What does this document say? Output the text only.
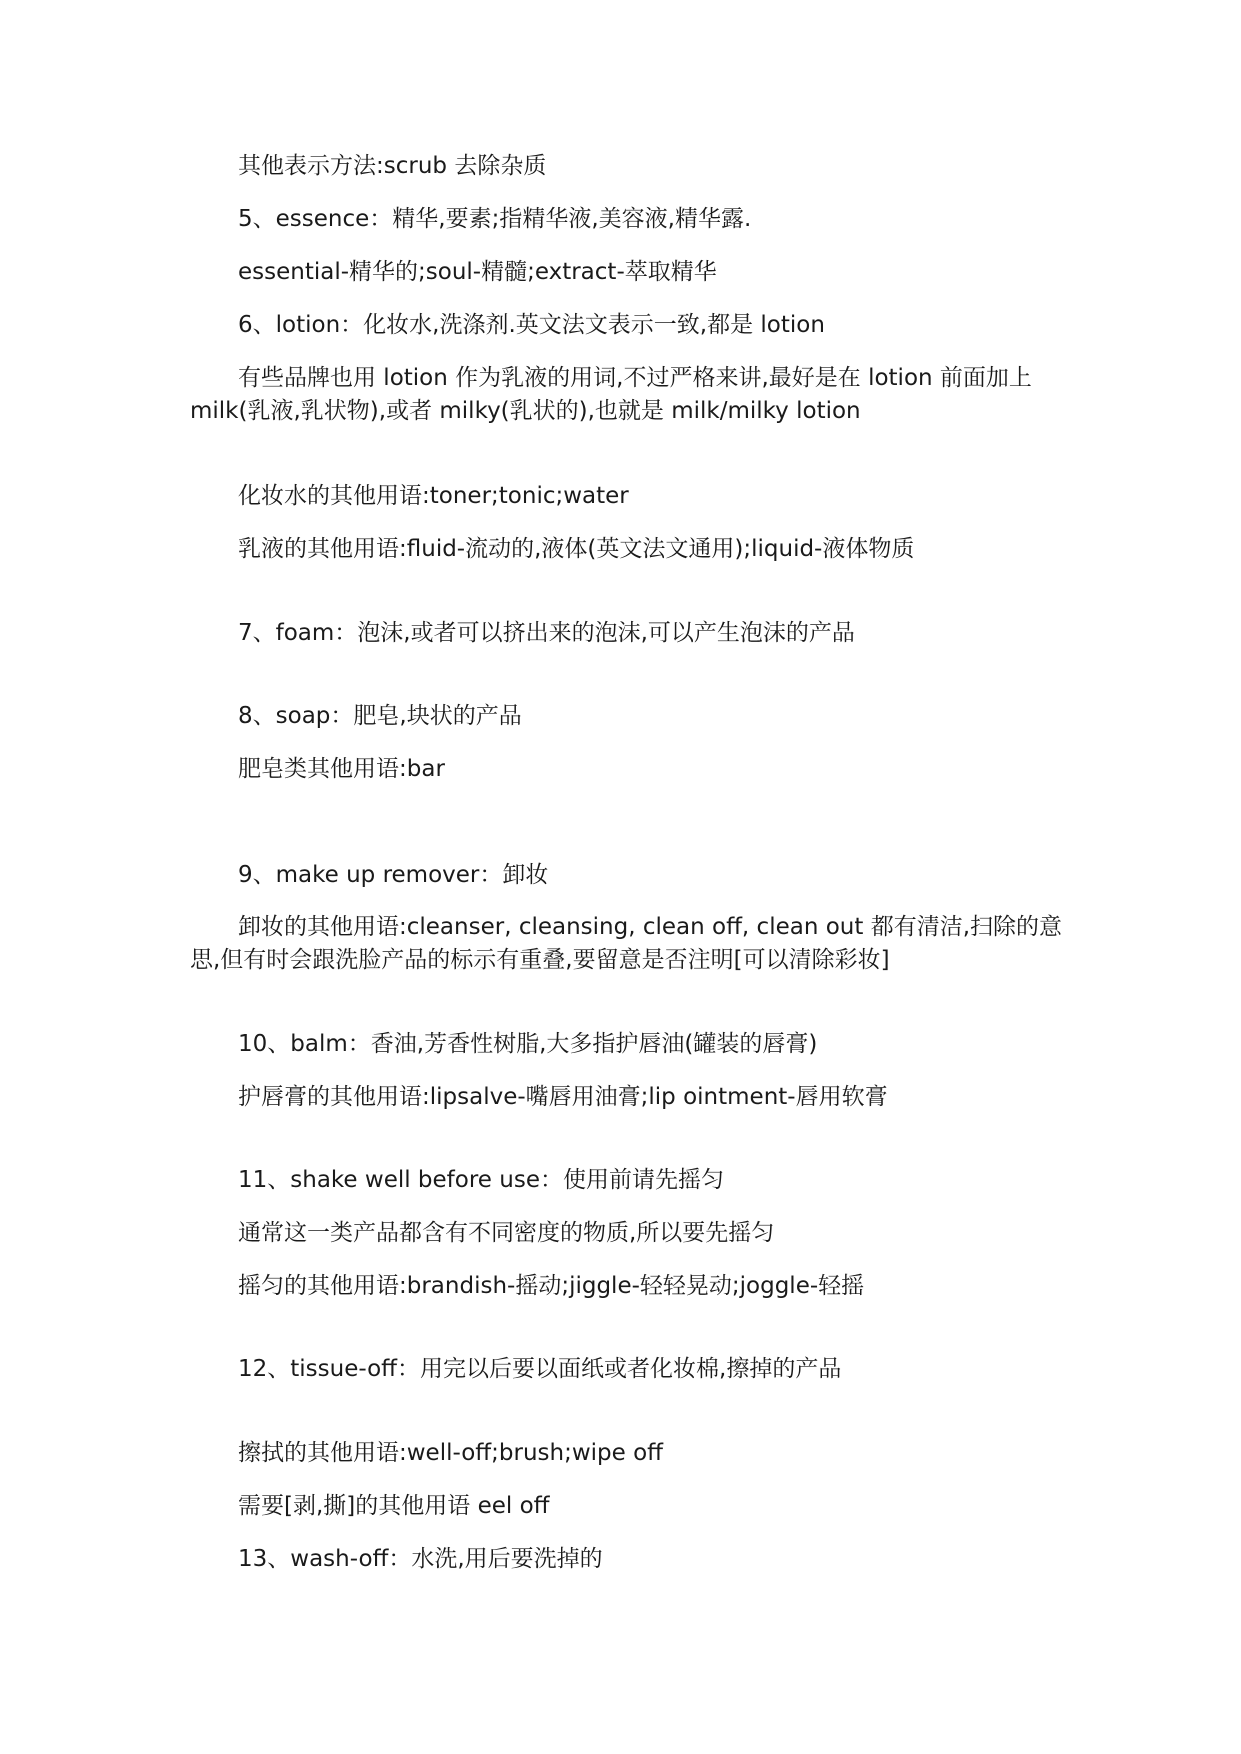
其他表示方法:scrub 去除杂质
5、essence：精华,要素;指精华液,美容液,精华露.
essential-精华的;soul-精髓;extract-萃取精华
6、lotion：化妆水,洗涤剂.英文法文表示一致,都是 lotion
有些品牌也用 lotion 作为乳液的用词,不过严格来讲,最好是在 lotion 前面加上 milk(乳液,乳状物),或者 milky(乳状的),也就是 milk/milky lotion
化妆水的其他用语:toner;tonic;water
乳液的其他用语:fluid-流动的,液体(英文法文通用);liquid-液体物质
7、foam：泡沫,或者可以挤出来的泡沫,可以产生泡沫的产品
8、soap：肥皂,块状的产品
肥皂类其他用语:bar
9、make up remover：卸妆
卸妆的其他用语:cleanser, cleansing, clean off, clean out 都有清洁,扫除的意思,但有时会跟洗脸产品的标示有重叠,要留意是否注明[可以清除彩妆]
10、balm：香油,芳香性树脂,大多指护唇油(罐装的唇膏)
护唇膏的其他用语:lipsalve-嘴唇用油膏;lip ointment-唇用软膏
11、shake well before use：使用前请先摇匀
通常这一类产品都含有不同密度的物质,所以要先摇匀
摇匀的其他用语:brandish-摇动;jiggle-轻轻晃动;joggle-轻摇
12、tissue-off：用完以后要以面纸或者化妆棉,擦掉的产品
擦拭的其他用语:well-off;brush;wipe off
需要[剥,撕]的其他用语 eel off
13、wash-off：水洗,用后要洗掉的
